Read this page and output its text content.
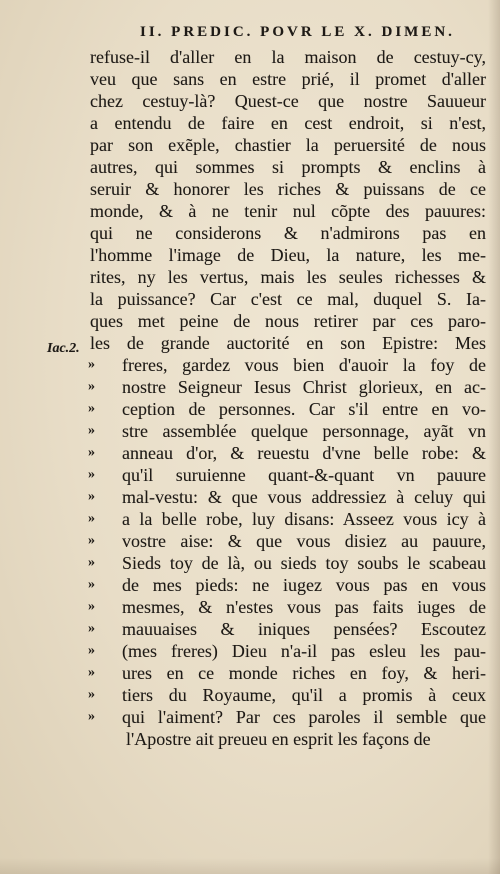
II. PREDIC. POVR LE X. DIMEN.
Iac.2.
refuse-il d'aller en la maison de cestuy-cy,
veu que sans en estre prié, il promet d'aller
chez cestuy-là? Quest-ce que nostre Sauueur
a entendu de faire en cest endroit, si n'est,
par son exẽple, chastier la peruersité de nous
autres, qui sommes si prompts & enclins à
seruir & honorer les riches & puissans de ce
monde, & à ne tenir nul cõpte des pauures:
qui ne considerons & n'admirons pas en
l'homme l'image de Dieu, la nature, les me-
rites, ny les vertus, mais les seules richesses &
la puissance? Car c'est ce mal, duquel S. Ia-
ques met peine de nous retirer par ces paro-
les de grande auctorité en son Epistre: Mes
» freres, gardez vous bien d'auoir la foy de
» nostre Seigneur Iesus Christ glorieux, en ac-
» ception de personnes. Car s'il entre en vo-
» stre assemblée quelque personnage, ayãt vn
» anneau d'or, & reuestu d'vne belle robe: &
» qu'il suruienne quant-&-quant vn pauure
» mal-vestu: & que vous addressiez à celuy qui
» a la belle robe, luy disans: Asseez vous icy à
» vostre aise: & que vous disiez au pauure,
» Sieds toy de là, ou sieds toy soubs le scabeau
» de mes pieds: ne iugez vous pas en vous
» mesmes, & n'estes vous pas faits iuges de
» mauuaises & iniques pensées? Escoutez
» (mes freres) Dieu n'a-il pas esleu les pau-
» ures en ce monde riches en foy, & heri-
» tiers du Royaume, qu'il a promis à ceux
» qui l'aiment? Par ces paroles il semble que
l'Apostre ait preueu en esprit les façons de
